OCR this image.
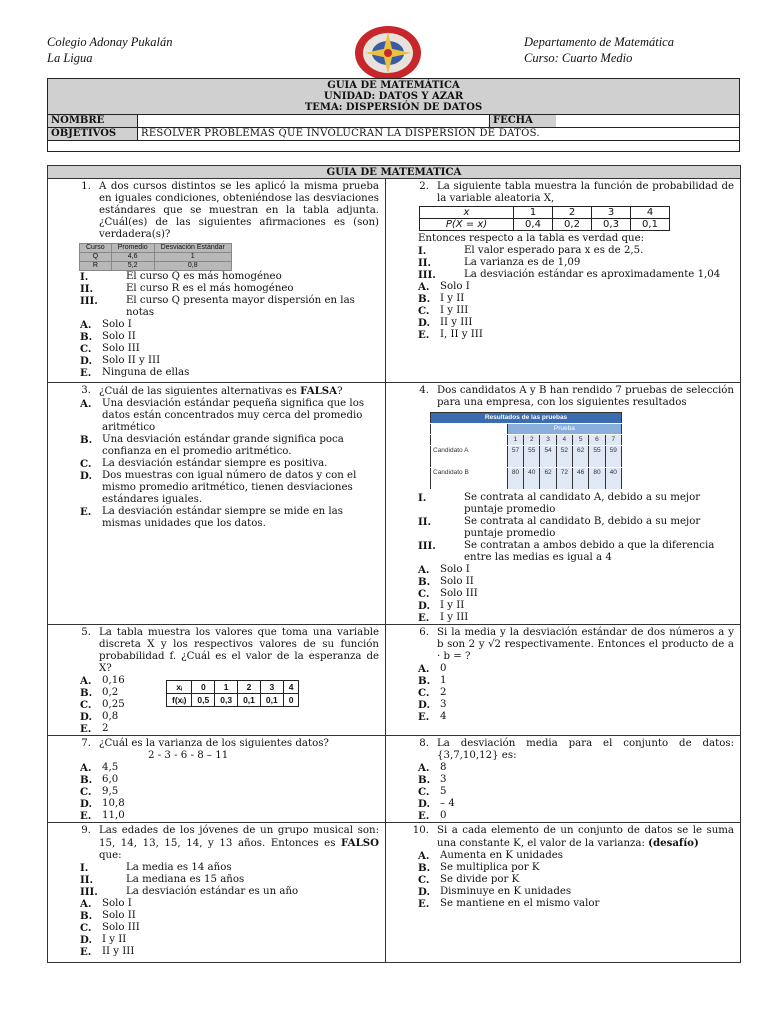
Colegio Adonay Pukalán
La Ligua
Departamento de Matemática
Curso: Cuarto Medio
GUIA DE MATEMÁTICA
UNIDAD: DATOS Y AZAR
TEMA: DISPERSIÓN DE DATOS			

NOMBRE		FECHA	
OBJETIVOS	RESOLVER PROBLEMAS QUE INVOLUCRAN LA DISPERSION DE DATOS.		

GUIA DE MATEMATICA

1. A dos cursos distintos se les aplicó la misma prueba en iguales condiciones, obteniéndose las desviaciones estándares que se muestran en la tabla adjunta. ¿Cuál(es) de las siguientes afirmaciones es (son) verdadera(s)?
Curso	Promedio	Desviación Estándar
Q	4,6	1
R	5,2	0,8
I.	El curso Q es más homogéneo
II.	El curso R es el más homogéneo
III.	El curso Q presenta mayor dispersión en las notas
A.	Solo I
B. Solo II
C.	Solo III
D. Solo II y III
E.	Ninguna de ellas

2. La siguiente tabla muestra la función de probabilidad de la variable aleatoria X,
x	1	2	3	4
P(X = x)	0,4	0,2	0,3	0,1
Entonces respecto a la tabla es verdad que:
I.	El valor esperado para x es de 2,5.
II.	La varianza es de 1,09
III.	La desviación estándar es aproximadamente 1,04
A.	Solo I
B. I y II
C.	I y III
D. II y III
E.	I, II y III

3. ¿Cuál de las siguientes alternativas es FALSA?
A.	Una desviación estándar pequeña significa que los datos están concentrados muy cerca del promedio aritmético
B. Una desviación estándar grande significa poca confianza en el promedio aritmético.
C.	La desviación estándar siempre es positiva.
D. Dos muestras con igual número de datos y con el mismo promedio aritmético, tienen desviaciones estándares iguales.
E.	La desviación estándar siempre se mide en las mismas unidades que los datos.

4. Dos candidatos A y B han rendido 7 pruebas de selección para una empresa, con los siguientes resultados
Resultados de las pruebas
	Prueba
	1	2	3	4	5	6	7
Candidato A	57	55	54	52	62	55	59
Candidato B	80	40	62	72	46	80	40
I.	Se contrata al candidato A, debido a su mejor puntaje promedio
II.	Se contrata al candidato B, debido a su mejor puntaje promedio
III.	Se contratan a ambos debido a que la diferencia entre las medias es igual a 4
A.	Solo I
B. Solo II
C.	Solo III
D. I y II
E.	I y III

5. La tabla muestra los valores que toma una variable discreta X y los respectivos valores de su función probabilidad f. ¿Cuál es el valor de la esperanza de X?
xᵢ	0	1	2	3	4
f(xᵢ)	0,5	0,3	0,1	0,1	0
A.	0,16
B. 0,2
C.	0,25
D. 0,8
E.	2

6. Si la media y la desviación estándar de dos números a y b son 2 y √2 respectivamente. Entonces el producto de a · b = ?
A.	0
B. 1
C.	2
D. 3
E.	4

7. ¿Cuál es la varianza de los siguientes datos?
2 - 3 - 6 - 8 – 11
A.	4,5
B. 6,0
C.	9,5
D. 10,8
E.	11,0

8. La desviación media para el conjunto de datos: {3,7,10,12} es:
A.	8
B. 3
C.	5
D. – 4
E.	0

9. Las edades de los jóvenes de un grupo musical son: 15, 14, 13, 15, 14, y 13 años. Entonces es FALSO que:
I.	La media es 14 años
II.	La mediana es 15 años
III.	La desviación estándar es un año
A.	Solo I
B. Solo II
C.	Solo III
D. I y II
E.	II y III

10. Si a cada elemento de un conjunto de datos se le suma una constante K, el valor de la varianza: (desafío)
A.	Aumenta en K unidades
B. Se multiplica por K
C.	Se divide por K
D. Disminuye en K unidades
E.	Se mantiene en el mismo valor
